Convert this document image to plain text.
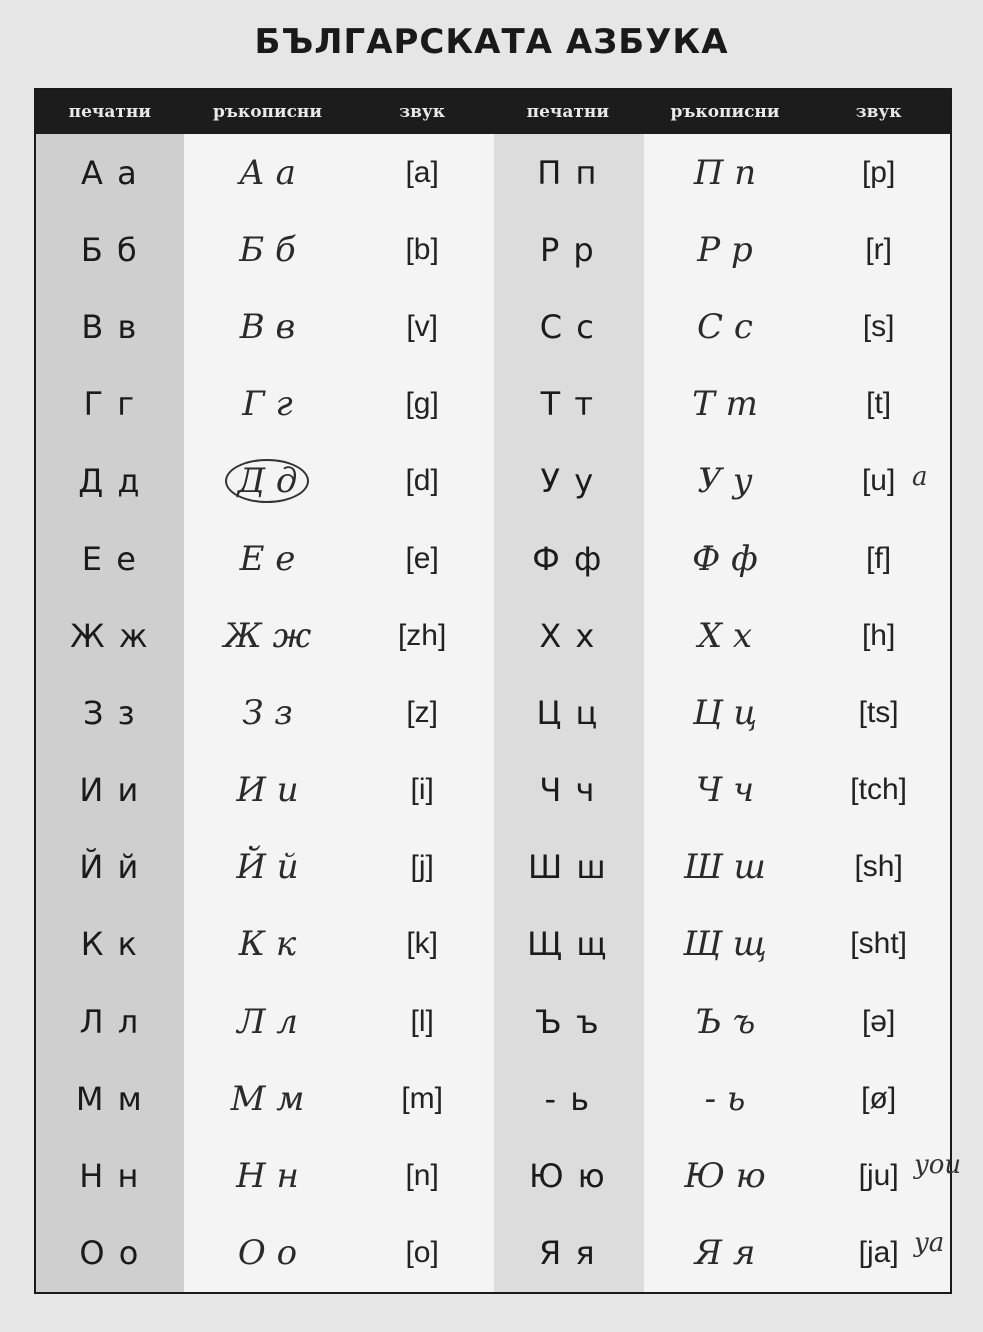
БЪЛГАРСКАТА АЗБУКА
печатни	ръкописни	звук	печатни	ръкописни	звук
А а	А а	[a]	П п	П п	[p]
Б б	Б б	[b]	Р р	Р р	[r]
В в	В в	[v]	С с	С с	[s]
Г г	Г г	[g]	Т т	Т т	[t]
Д д	Д д	[d]	У у	У у	[u]
Е е	Е е	[e]	Ф ф	Ф ф	[f]
Ж ж	Ж ж	[zh]	Х х	Х х	[h]
З з	З з	[z]	Ц ц	Ц ц	[ts]
И и	И и	[i]	Ч ч	Ч ч	[tch]
Й й	Й й	[j]	Ш ш	Ш ш	[sh]
К к	К к	[k]	Щ щ	Щ щ	[sht]
Л л	Л л	[l]	Ъ ъ	Ъ ъ	[ə]
М м	М м	[m]	- ь	- ь	[ø]
Н н	Н н	[n]	Ю ю	Ю ю	[ju]
О о	О о	[o]	Я я	Я я	[ja]
a
you
ya
